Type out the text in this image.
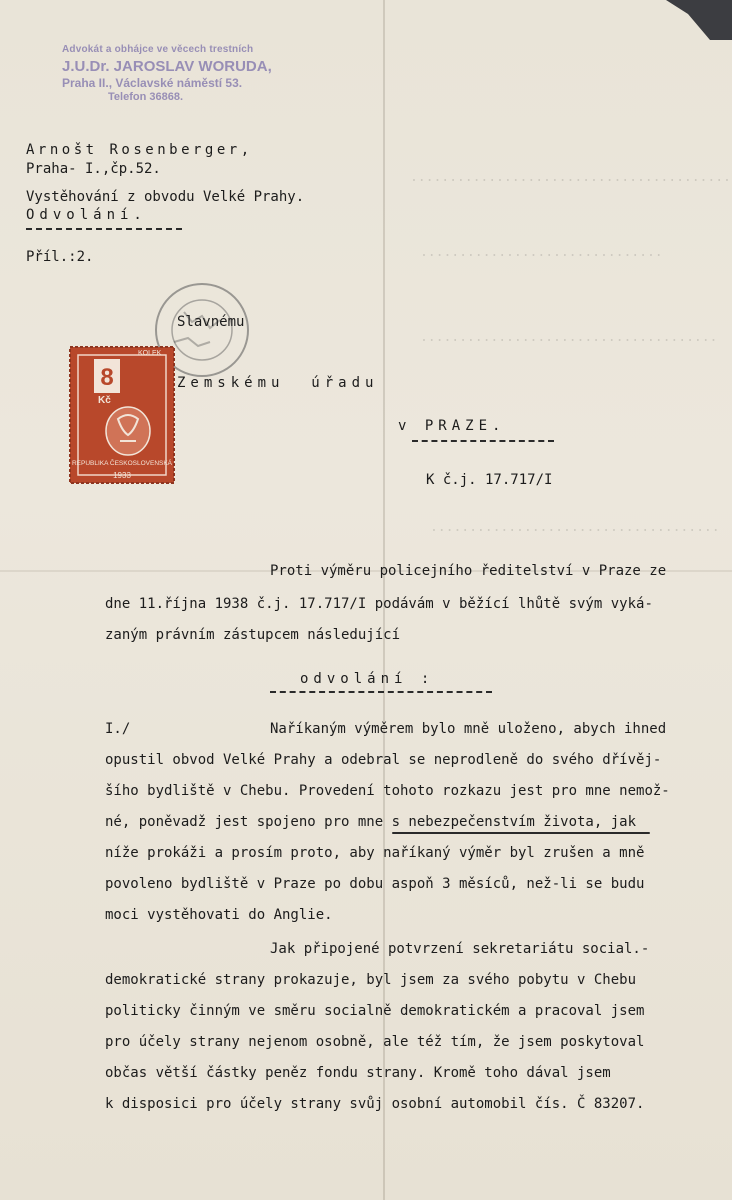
.........................................
...............................
......................................
.....................................
Advokát a obhájce ve věcech trestních
J.U.Dr. JAROSLAV WORUDA,
Praha II., Václavské náměstí 53.
Telefon 36868.
Arnošt Rosenberger,
Praha- I.,čp.52.
Vystěhování z obvodu Velké Prahy.
Odvolání.
Příl.:2.
8
KOLEK
Kč
REPUBLIKA ČESKOSLOVENSKÁ
1933
Slavnému
Zemskému  úřadu
v PRAZE.
K č.j. 17.717/I
Proti výměru policejního ředitelství v Praze ze
dne 11.října 1938 č.j. 17.717/I podávám v běžící lhůtě svým vyká-
zaným právním zástupcem následující
odvolání :
I./	Naříkaným výměrem bylo mně uloženo, abych ihned
opustil obvod Velké Prahy a odebral se neprodleně do svého dřívěj-
šího bydliště v Chebu. Provedení tohoto rozkazu jest pro mne nemož-
né, poněvadž jest spojeno pro mne s nebezpečenstvím života, jak
níže prokáži a prosím proto, aby naříkaný výměr byl zrušen a mně
povoleno bydliště v Praze po dobu aspoň 3 měsíců, než-li se budu
moci vystěhovati do Anglie.
Jak připojené potvrzení sekretariátu social.-
demokratické strany prokazuje, byl jsem za svého pobytu v Chebu
politicky činným ve směru socialně demokratickém a pracoval jsem
pro účely strany nejenom osobně, ale též tím, že jsem poskytoval
občas větší částky peněz fondu strany. Kromě toho dával jsem
k disposici pro účely strany svůj osobní automobil čís. Č 83207.
